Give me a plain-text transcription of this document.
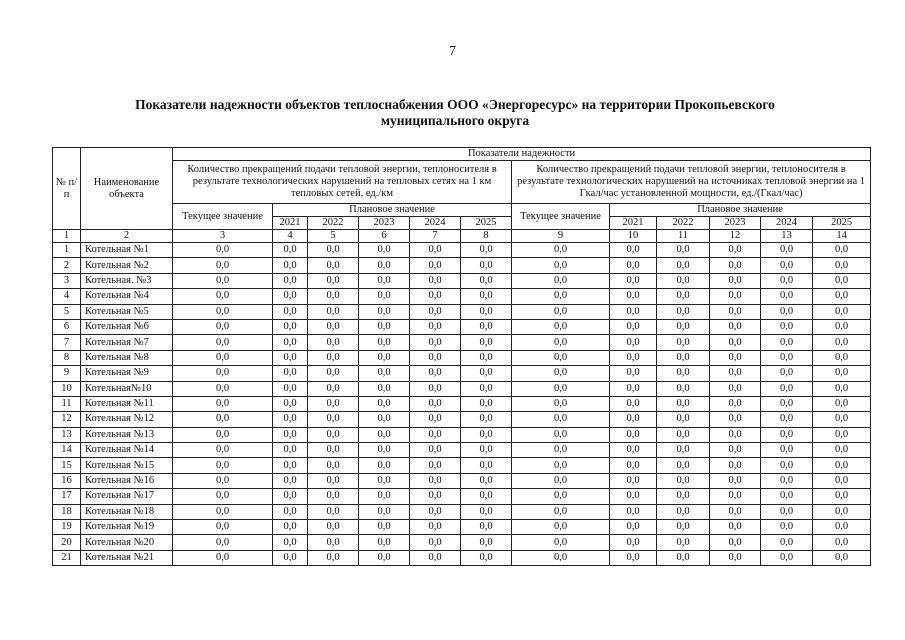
7
Показатели надежности объектов теплоснабжения ООО «Энергоресурс» на территории Прокопьевского муниципального округа
№ п/п	Наименование объекта	Показатели надежности											
		Количество прекращений подачи тепловой энергии, теплоносителя в результате технологических нарушений на тепловых сетях на 1 км тепловых сетей, ед./км						Количество прекращений подачи тепловой энергии, теплоносителя в результате технологических нарушений на источниках тепловой энергии на 1 Гкал/час установленной мощности, ед./(Гкал/час)					
		Текущее значение	Плановое значение					Текущее значение	Плановое значение				
			2021	2022	2023	2024	2025		2021	2022	2023	2024	2025
1	2	3	4	5	6	7	8	9	10	11	12	13	14
1	Котельная №1	0,0	0,0	0,0	0,0	0,0	0,0	0,0	0,0	0,0	0,0	0,0	0,0
2	Котельная №2	0,0	0,0	0,0	0,0	0,0	0,0	0,0	0,0	0,0	0,0	0,0	0,0
3	Котельная. №3	0,0	0,0	0,0	0,0	0,0	0,0	0,0	0,0	0,0	0,0	0,0	0,0
4	Котельная №4	0,0	0,0	0,0	0,0	0,0	0,0	0,0	0,0	0,0	0,0	0,0	0,0
5	Котельная №5	0,0	0,0	0,0	0,0	0,0	0,0	0,0	0,0	0,0	0,0	0,0	0,0
6	Котельная №6	0,0	0,0	0,0	0,0	0,0	0,0	0,0	0,0	0,0	0,0	0,0	0,0
7	Котельная №7	0,0	0,0	0,0	0,0	0,0	0,0	0,0	0,0	0,0	0,0	0,0	0,0
8	Котельная №8	0,0	0,0	0,0	0,0	0,0	0,0	0,0	0,0	0,0	0,0	0,0	0,0
9	Котельная №9	0,0	0,0	0,0	0,0	0,0	0,0	0,0	0,0	0,0	0,0	0,0	0,0
10	Котельная№10	0,0	0,0	0,0	0,0	0,0	0,0	0,0	0,0	0,0	0,0	0,0	0,0
11	Котельная №11	0,0	0,0	0,0	0,0	0,0	0,0	0,0	0,0	0,0	0,0	0,0	0,0
12	Котельная №12	0,0	0,0	0,0	0,0	0,0	0,0	0,0	0,0	0,0	0,0	0,0	0,0
13	Котельная №13	0,0	0,0	0,0	0,0	0,0	0,0	0,0	0,0	0,0	0,0	0,0	0,0
14	Котельная №14	0,0	0,0	0,0	0,0	0,0	0,0	0,0	0,0	0,0	0,0	0,0	0,0
15	Котельная №15	0,0	0,0	0,0	0,0	0,0	0,0	0,0	0,0	0,0	0,0	0,0	0,0
16	Котельная №16	0,0	0,0	0,0	0,0	0,0	0,0	0,0	0,0	0,0	0,0	0,0	0,0
17	Котельная №17	0,0	0,0	0,0	0,0	0,0	0,0	0,0	0,0	0,0	0,0	0,0	0,0
18	Котельная №18	0,0	0,0	0,0	0,0	0,0	0,0	0,0	0,0	0,0	0,0	0,0	0,0
19	Котельная №19	0,0	0,0	0,0	0,0	0,0	0,0	0,0	0,0	0,0	0,0	0,0	0,0
20	Котельная №20	0,0	0,0	0,0	0,0	0,0	0,0	0,0	0,0	0,0	0,0	0,0	0,0
21	Котельная №21	0,0	0,0	0,0	0,0	0,0	0,0	0,0	0,0	0,0	0,0	0,0	0,0
